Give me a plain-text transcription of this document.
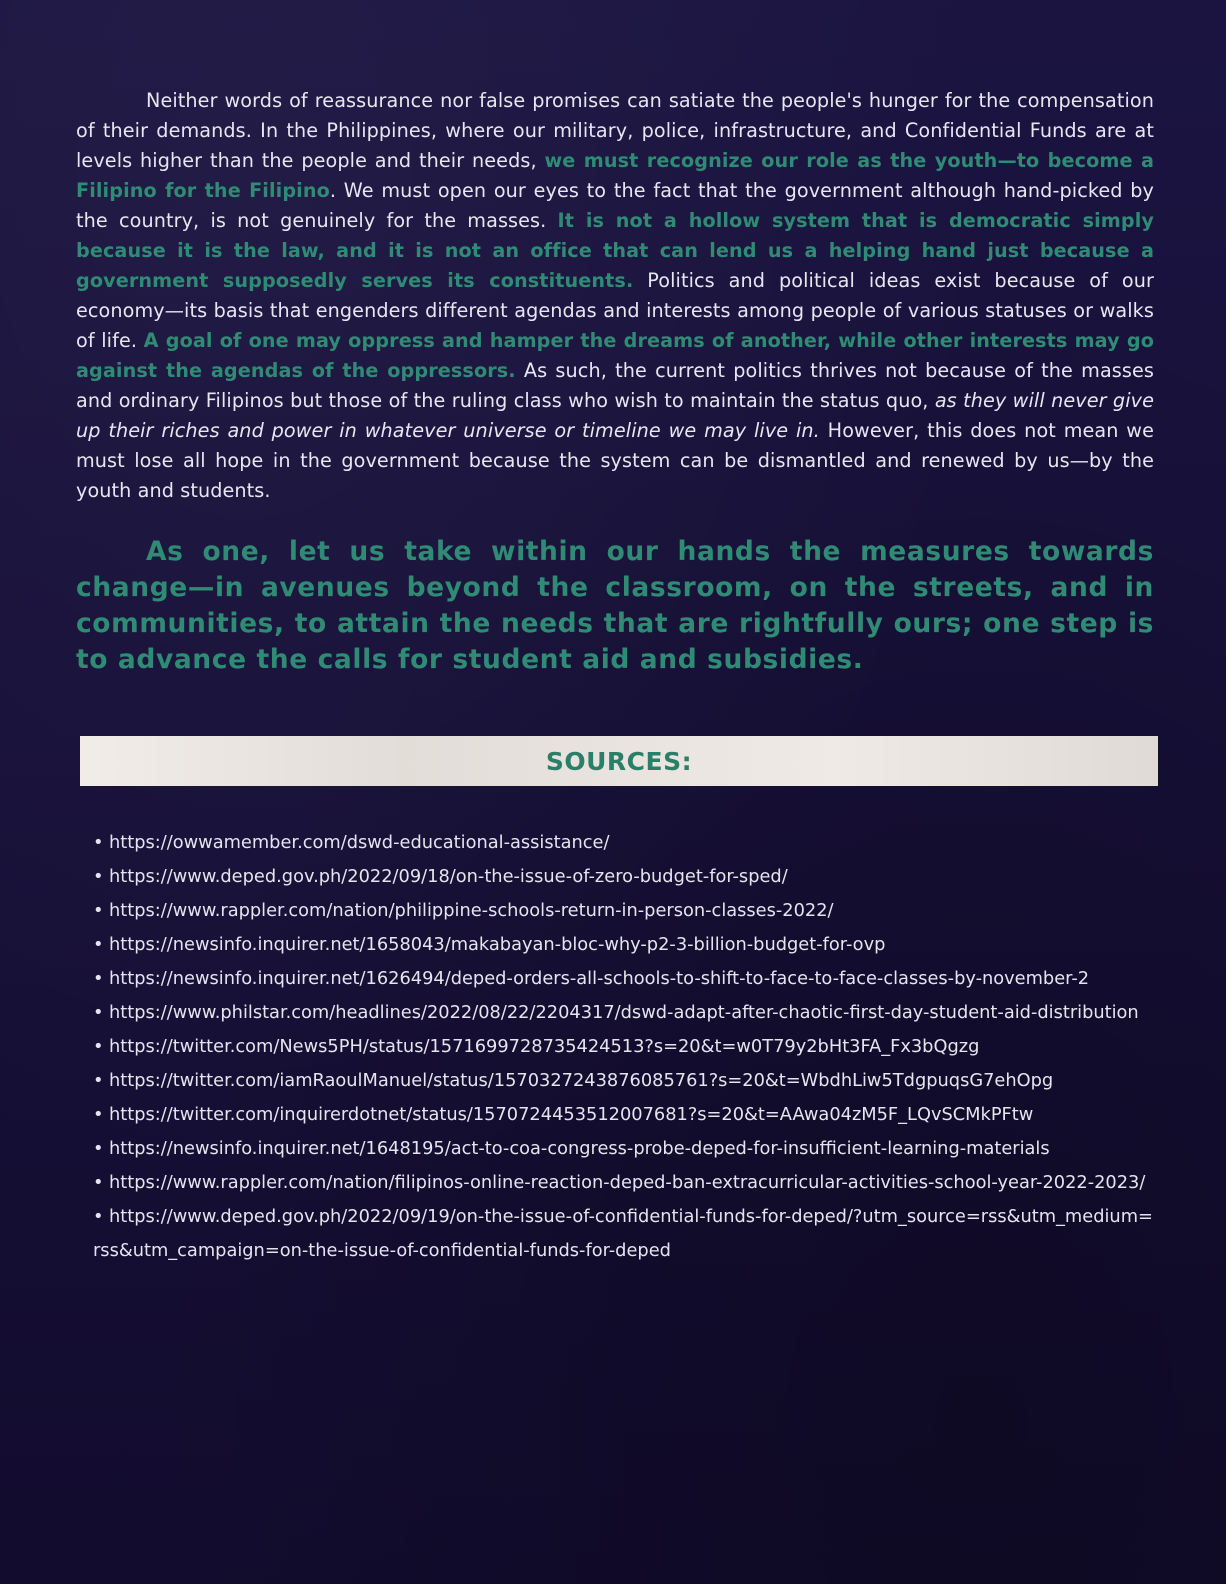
Neither words of reassurance nor false promises can satiate the people's hunger for the compensation of their demands. In the Philippines, where our military, police, infrastructure, and Confidential Funds are at levels higher than the people and their needs, we must recognize our role as the youth—to become a Filipino for the Filipino. We must open our eyes to the fact that the government although hand-picked by the country, is not genuinely for the masses. It is not a hollow system that is democratic simply because it is the law, and it is not an office that can lend us a helping hand just because a government supposedly serves its constituents. Politics and political ideas exist because of our economy—its basis that engenders different agendas and interests among people of various statuses or walks of life. A goal of one may oppress and hamper the dreams of another, while other interests may go against the agendas of the oppressors. As such, the current politics thrives not because of the masses and ordinary Filipinos but those of the ruling class who wish to maintain the status quo, as they will never give up their riches and power in whatever universe or timeline we may live in. However, this does not mean we must lose all hope in the government because the system can be dismantled and renewed by us—by the youth and students.

As one, let us take within our hands the measures towards change—in avenues beyond the classroom, on the streets, and in communities, to attain the needs that are rightfully ours; one step is to advance the calls for student aid and subsidies.

SOURCES:
• https://owwamember.com/dswd-educational-assistance/
• https://www.deped.gov.ph/2022/09/18/on-the-issue-of-zero-budget-for-sped/
• https://www.rappler.com/nation/philippine-schools-return-in-person-classes-2022/
• https://newsinfo.inquirer.net/1658043/makabayan-bloc-why-p2-3-billion-budget-for-ovp
• https://newsinfo.inquirer.net/1626494/deped-orders-all-schools-to-shift-to-face-to-face-classes-by-november-2
• https://www.philstar.com/headlines/2022/08/22/2204317/dswd-adapt-after-chaotic-first-day-student-aid-distribution
• https://twitter.com/News5PH/status/1571699728735424513?s=20&t=w0T79y2bHt3FA_Fx3bQgzg
• https://twitter.com/iamRaoulManuel/status/1570327243876085761?s=20&t=WbdhLiw5TdgpuqsG7ehOpg
• https://twitter.com/inquirerdotnet/status/1570724453512007681?s=20&t=AAwa04zM5F_LQvSCMkPFtw
• https://newsinfo.inquirer.net/1648195/act-to-coa-congress-probe-deped-for-insufficient-learning-materials
• https://www.rappler.com/nation/filipinos-online-reaction-deped-ban-extracurricular-activities-school-year-2022-2023/
• https://www.deped.gov.ph/2022/09/19/on-the-issue-of-confidential-funds-for-deped/?utm_source=rss&utm_medium=rss&utm_campaign=on-the-issue-of-confidential-funds-for-deped
